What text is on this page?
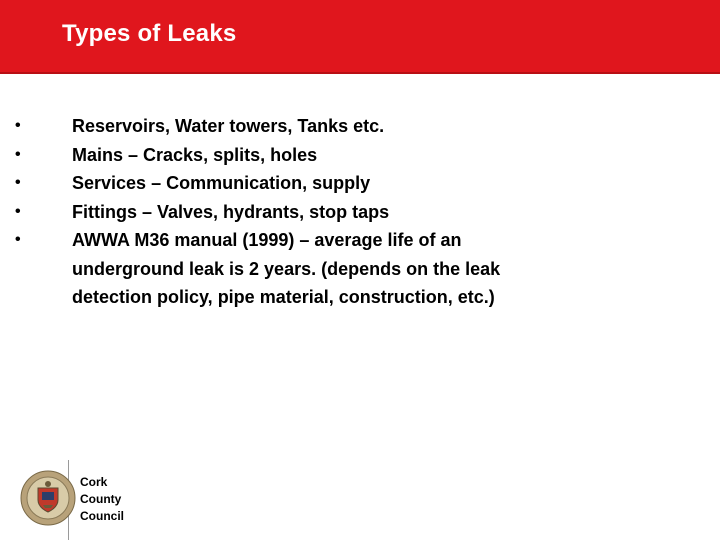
Types of Leaks
•	Reservoirs, Water towers, Tanks etc.
•	Mains – Cracks, splits, holes
•	Services – Communication, supply
•	Fittings – Valves, hydrants, stop taps
•	AWWA M36 manual (1999) – average life of an underground leak is 2 years. (depends on the leak detection policy, pipe material, construction, etc.)
Cork
County
Council
